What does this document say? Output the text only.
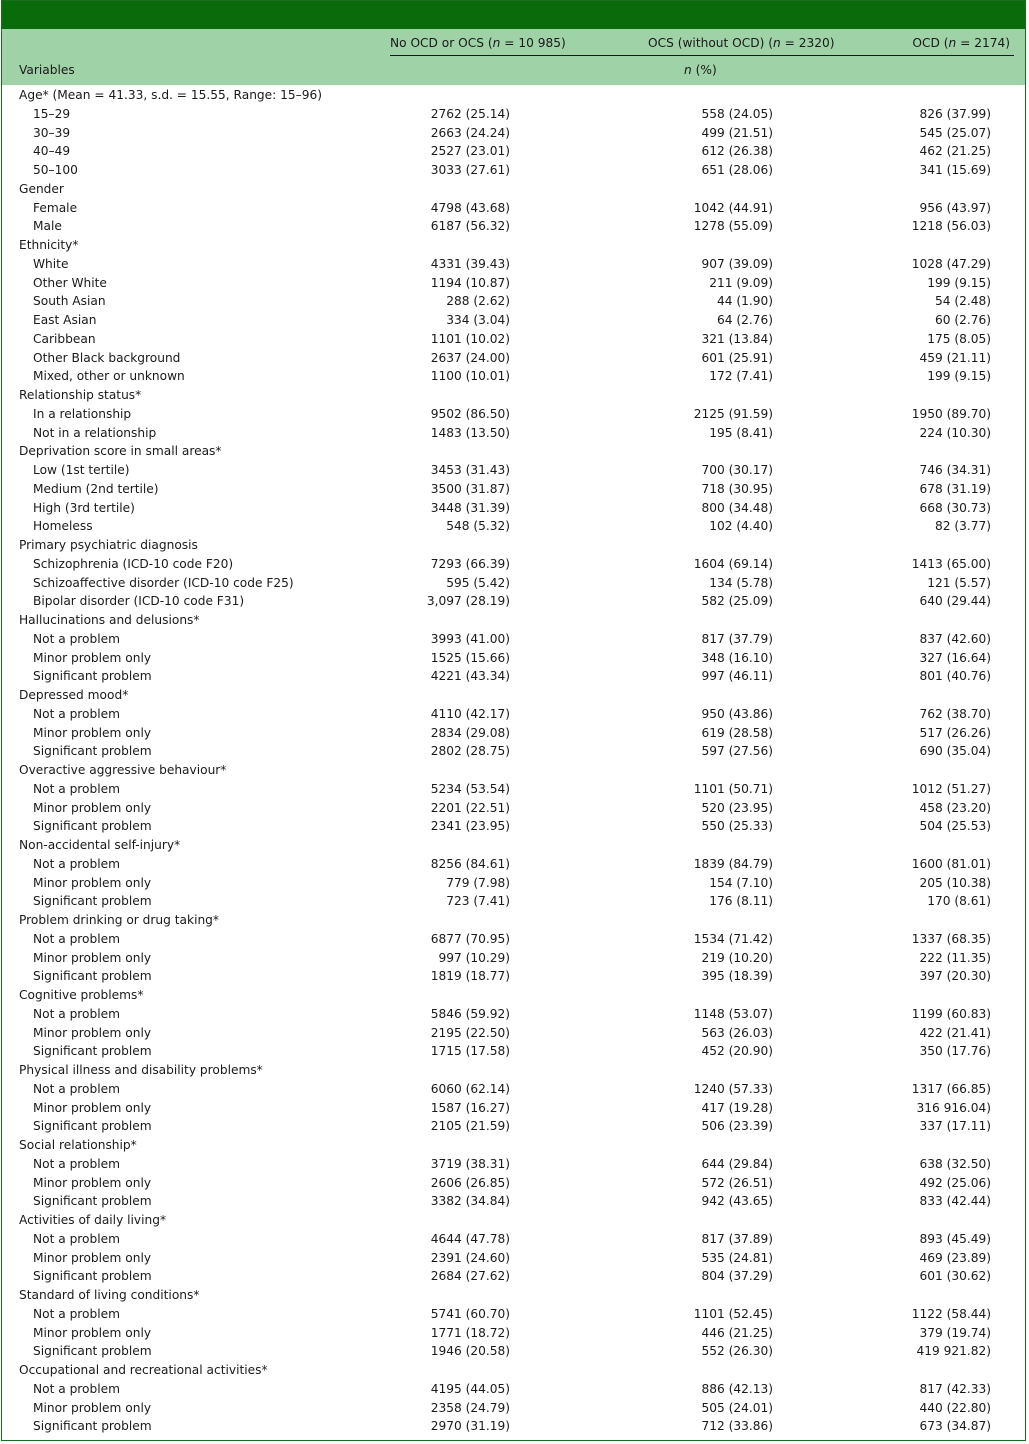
No OCD or OCS (n = 10 985)	OCS (without OCD) (n = 2320)	OCD (n = 2174)
Variables	n (%)
Age* (Mean = 41.33, s.d. = 15.55, Range: 15–96)
15–29	2762 (25.14)	558 (24.05)	826 (37.99)
30–39	2663 (24.24)	499 (21.51)	545 (25.07)
40–49	2527 (23.01)	612 (26.38)	462 (21.25)
50–100	3033 (27.61)	651 (28.06)	341 (15.69)
Gender
Female	4798 (43.68)	1042 (44.91)	956 (43.97)
Male	6187 (56.32)	1278 (55.09)	1218 (56.03)
Ethnicity*
White	4331 (39.43)	907 (39.09)	1028 (47.29)
Other White	1194 (10.87)	211 (9.09)	199 (9.15)
South Asian	288 (2.62)	44 (1.90)	54 (2.48)
East Asian	334 (3.04)	64 (2.76)	60 (2.76)
Caribbean	1101 (10.02)	321 (13.84)	175 (8.05)
Other Black background	2637 (24.00)	601 (25.91)	459 (21.11)
Mixed, other or unknown	1100 (10.01)	172 (7.41)	199 (9.15)
Relationship status*
In a relationship	9502 (86.50)	2125 (91.59)	1950 (89.70)
Not in a relationship	1483 (13.50)	195 (8.41)	224 (10.30)
Deprivation score in small areas*
Low (1st tertile)	3453 (31.43)	700 (30.17)	746 (34.31)
Medium (2nd tertile)	3500 (31.87)	718 (30.95)	678 (31.19)
High (3rd tertile)	3448 (31.39)	800 (34.48)	668 (30.73)
Homeless	548 (5.32)	102 (4.40)	82 (3.77)
Primary psychiatric diagnosis
Schizophrenia (ICD-10 code F20)	7293 (66.39)	1604 (69.14)	1413 (65.00)
Schizoaffective disorder (ICD-10 code F25)	595 (5.42)	134 (5.78)	121 (5.57)
Bipolar disorder (ICD-10 code F31)	3,097 (28.19)	582 (25.09)	640 (29.44)
Hallucinations and delusions*
Not a problem	3993 (41.00)	817 (37.79)	837 (42.60)
Minor problem only	1525 (15.66)	348 (16.10)	327 (16.64)
Significant problem	4221 (43.34)	997 (46.11)	801 (40.76)
Depressed mood*
Not a problem	4110 (42.17)	950 (43.86)	762 (38.70)
Minor problem only	2834 (29.08)	619 (28.58)	517 (26.26)
Significant problem	2802 (28.75)	597 (27.56)	690 (35.04)
Overactive aggressive behaviour*
Not a problem	5234 (53.54)	1101 (50.71)	1012 (51.27)
Minor problem only	2201 (22.51)	520 (23.95)	458 (23.20)
Significant problem	2341 (23.95)	550 (25.33)	504 (25.53)
Non-accidental self-injury*
Not a problem	8256 (84.61)	1839 (84.79)	1600 (81.01)
Minor problem only	779 (7.98)	154 (7.10)	205 (10.38)
Significant problem	723 (7.41)	176 (8.11)	170 (8.61)
Problem drinking or drug taking*
Not a problem	6877 (70.95)	1534 (71.42)	1337 (68.35)
Minor problem only	997 (10.29)	219 (10.20)	222 (11.35)
Significant problem	1819 (18.77)	395 (18.39)	397 (20.30)
Cognitive problems*
Not a problem	5846 (59.92)	1148 (53.07)	1199 (60.83)
Minor problem only	2195 (22.50)	563 (26.03)	422 (21.41)
Significant problem	1715 (17.58)	452 (20.90)	350 (17.76)
Physical illness and disability problems*
Not a problem	6060 (62.14)	1240 (57.33)	1317 (66.85)
Minor problem only	1587 (16.27)	417 (19.28)	316 916.04)
Significant problem	2105 (21.59)	506 (23.39)	337 (17.11)
Social relationship*
Not a problem	3719 (38.31)	644 (29.84)	638 (32.50)
Minor problem only	2606 (26.85)	572 (26.51)	492 (25.06)
Significant problem	3382 (34.84)	942 (43.65)	833 (42.44)
Activities of daily living*
Not a problem	4644 (47.78)	817 (37.89)	893 (45.49)
Minor problem only	2391 (24.60)	535 (24.81)	469 (23.89)
Significant problem	2684 (27.62)	804 (37.29)	601 (30.62)
Standard of living conditions*
Not a problem	5741 (60.70)	1101 (52.45)	1122 (58.44)
Minor problem only	1771 (18.72)	446 (21.25)	379 (19.74)
Significant problem	1946 (20.58)	552 (26.30)	419 921.82)
Occupational and recreational activities*
Not a problem	4195 (44.05)	886 (42.13)	817 (42.33)
Minor problem only	2358 (24.79)	505 (24.01)	440 (22.80)
Significant problem	2970 (31.19)	712 (33.86)	673 (34.87)
